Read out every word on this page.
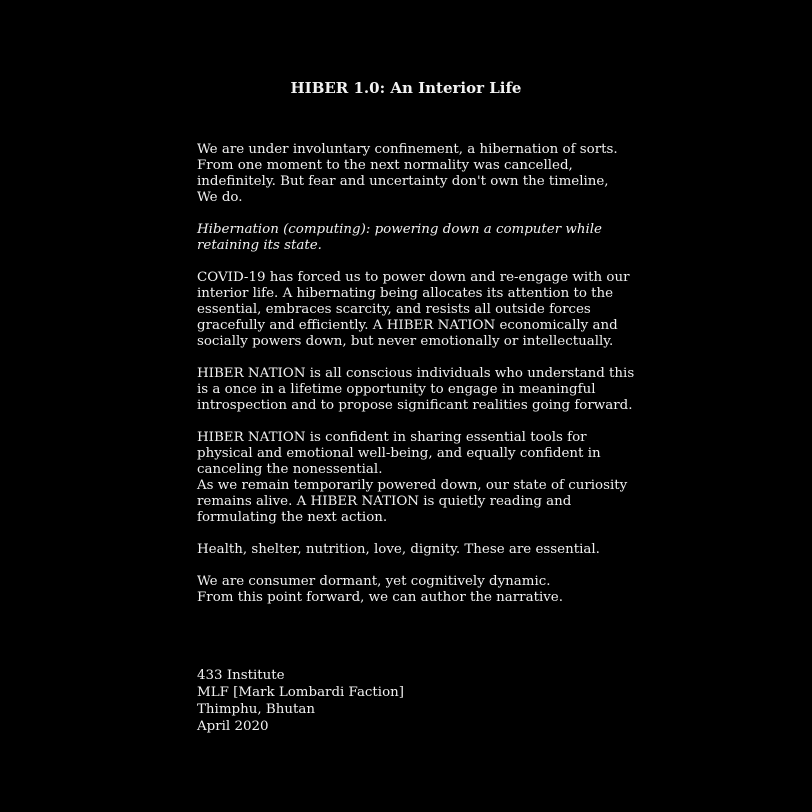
HIBER 1.0: An Interior Life

We are under involuntary confinement, a hibernation of sorts.
From one moment to the next normality was cancelled,
indefinitely. But fear and uncertainty don't own the timeline,
We do.

Hibernation (computing): powering down a computer while
retaining its state.

COVID-19 has forced us to power down and re-engage with our
interior life. A hibernating being allocates its attention to the
essential, embraces scarcity, and resists all outside forces
gracefully and efficiently. A HIBER NATION economically and
socially powers down, but never emotionally or intellectually.

HIBER NATION is all conscious individuals who understand this
is a once in a lifetime opportunity to engage in meaningful
introspection and to propose significant realities going forward.

HIBER NATION is confident in sharing essential tools for
physical and emotional well-being, and equally confident in
canceling the nonessential.
As we remain temporarily powered down, our state of curiosity
remains alive. A HIBER NATION is quietly reading and
formulating the next action.

Health, shelter, nutrition, love, dignity. These are essential.

We are consumer dormant, yet cognitively dynamic.
From this point forward, we can author the narrative.

433 Institute
MLF [Mark Lombardi Faction]
Thimphu, Bhutan
April 2020
